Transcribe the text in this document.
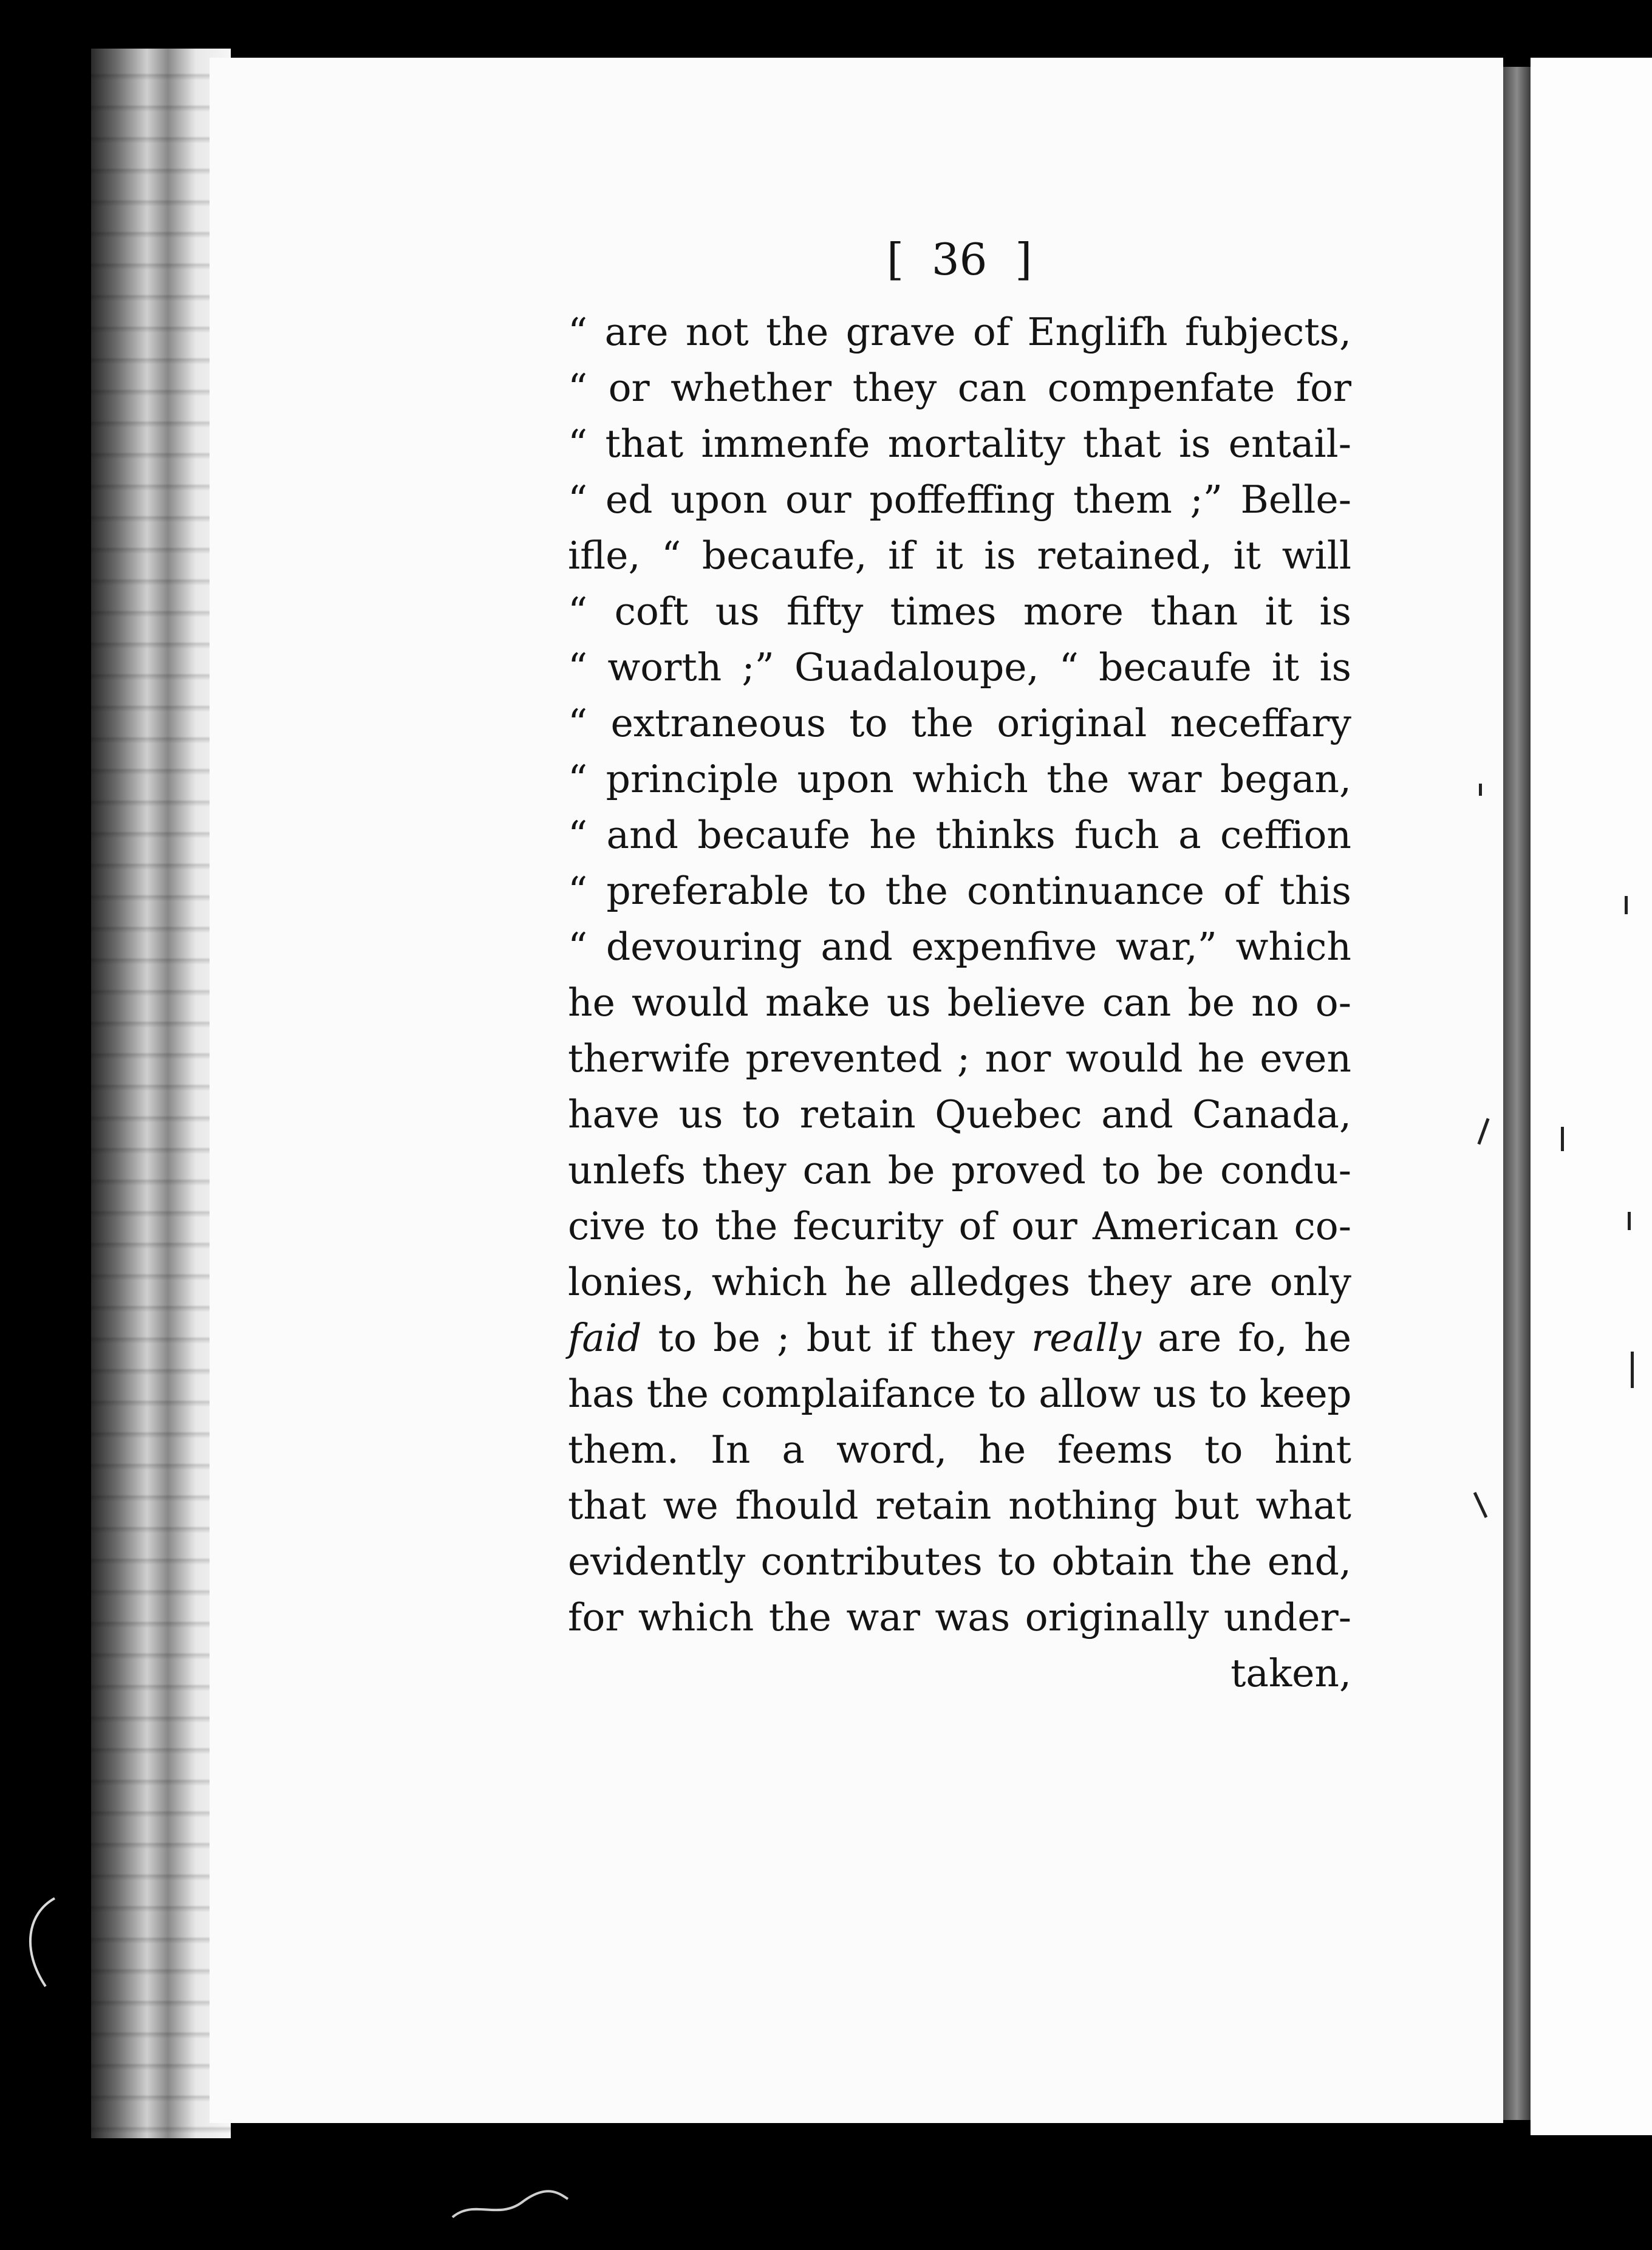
[  36  ]
“ are not the grave of Englifh fubjects,
“ or whether they can compenfate for
“ that immenfe mortality that is entail-
“ ed upon our poffeffing them ;” Belle-
ifle, “ becaufe, if it is retained, it will
“ coft us fifty times more than it is
“ worth ;” Guadaloupe, “ becaufe it is
“ extraneous to the original neceffary
“ principle upon which the war began,
“ and becaufe he thinks fuch a ceffion
“ preferable to the continuance of this
“ devouring and expenfive war,” which
he would make us believe can be no o-
therwife prevented ; nor would he even
have us to retain Quebec and Canada,
unlefs they can be proved to be condu-
cive to the fecurity of our American co-
lonies, which he alledges they are only
faid to be ; but if they really are fo, he
has the complaifance to allow us to keep
them. In a word, he feems to hint
that we fhould retain nothing but what
evidently contributes to obtain the end,
for which the war was originally under-
taken,
